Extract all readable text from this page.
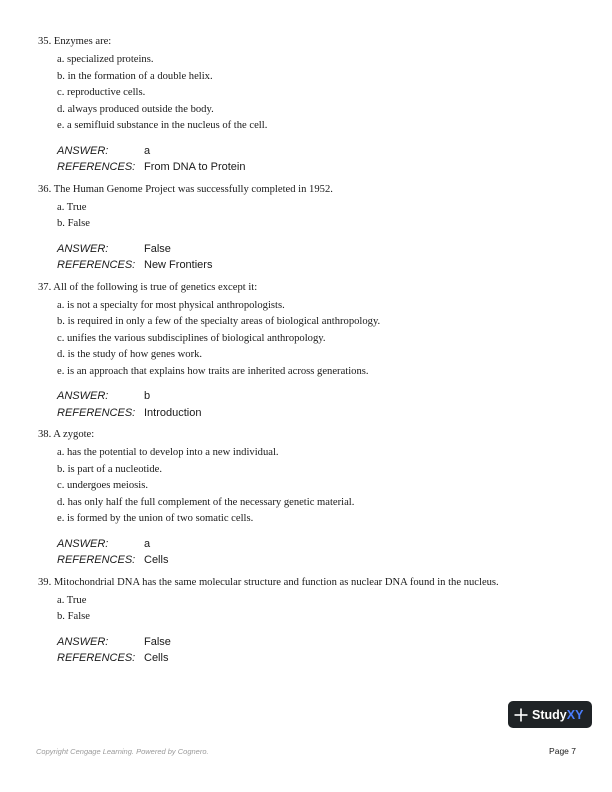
35. Enzymes are:

a. specialized proteins.
b. in the formation of a double helix.
c. reproductive cells.
d. always produced outside the body.
e. a semifluid substance in the nucleus of the cell.
ANSWER:	a
REFERENCES: From DNA to Protein

36. The Human Genome Project was successfully completed in 1952.

a. True
b. False
ANSWER:	False
REFERENCES: New Frontiers

37. All of the following is true of genetics except it:

a. is not a specialty for most physical anthropologists.
b. is required in only a few of the specialty areas of biological anthropology.
c. unifies the various subdisciplines of biological anthropology.
d. is the study of how genes work.
e. is an approach that explains how traits are inherited across generations.
ANSWER:	b
REFERENCES: Introduction

38. A zygote:

a. has the potential to develop into a new individual.
b. is part of a nucleotide.
c. undergoes meiosis.
d. has only half the full complement of the necessary genetic material.
e. is formed by the union of two somatic cells.
ANSWER:	a
REFERENCES: Cells

39. Mitochondrial DNA has the same molecular structure and function as nuclear DNA found in the nucleus.

a. True
b. False
ANSWER:	False
REFERENCES: Cells
Study XY
Copyright Cengage Learning. Powered by Cognero.	Page 7
